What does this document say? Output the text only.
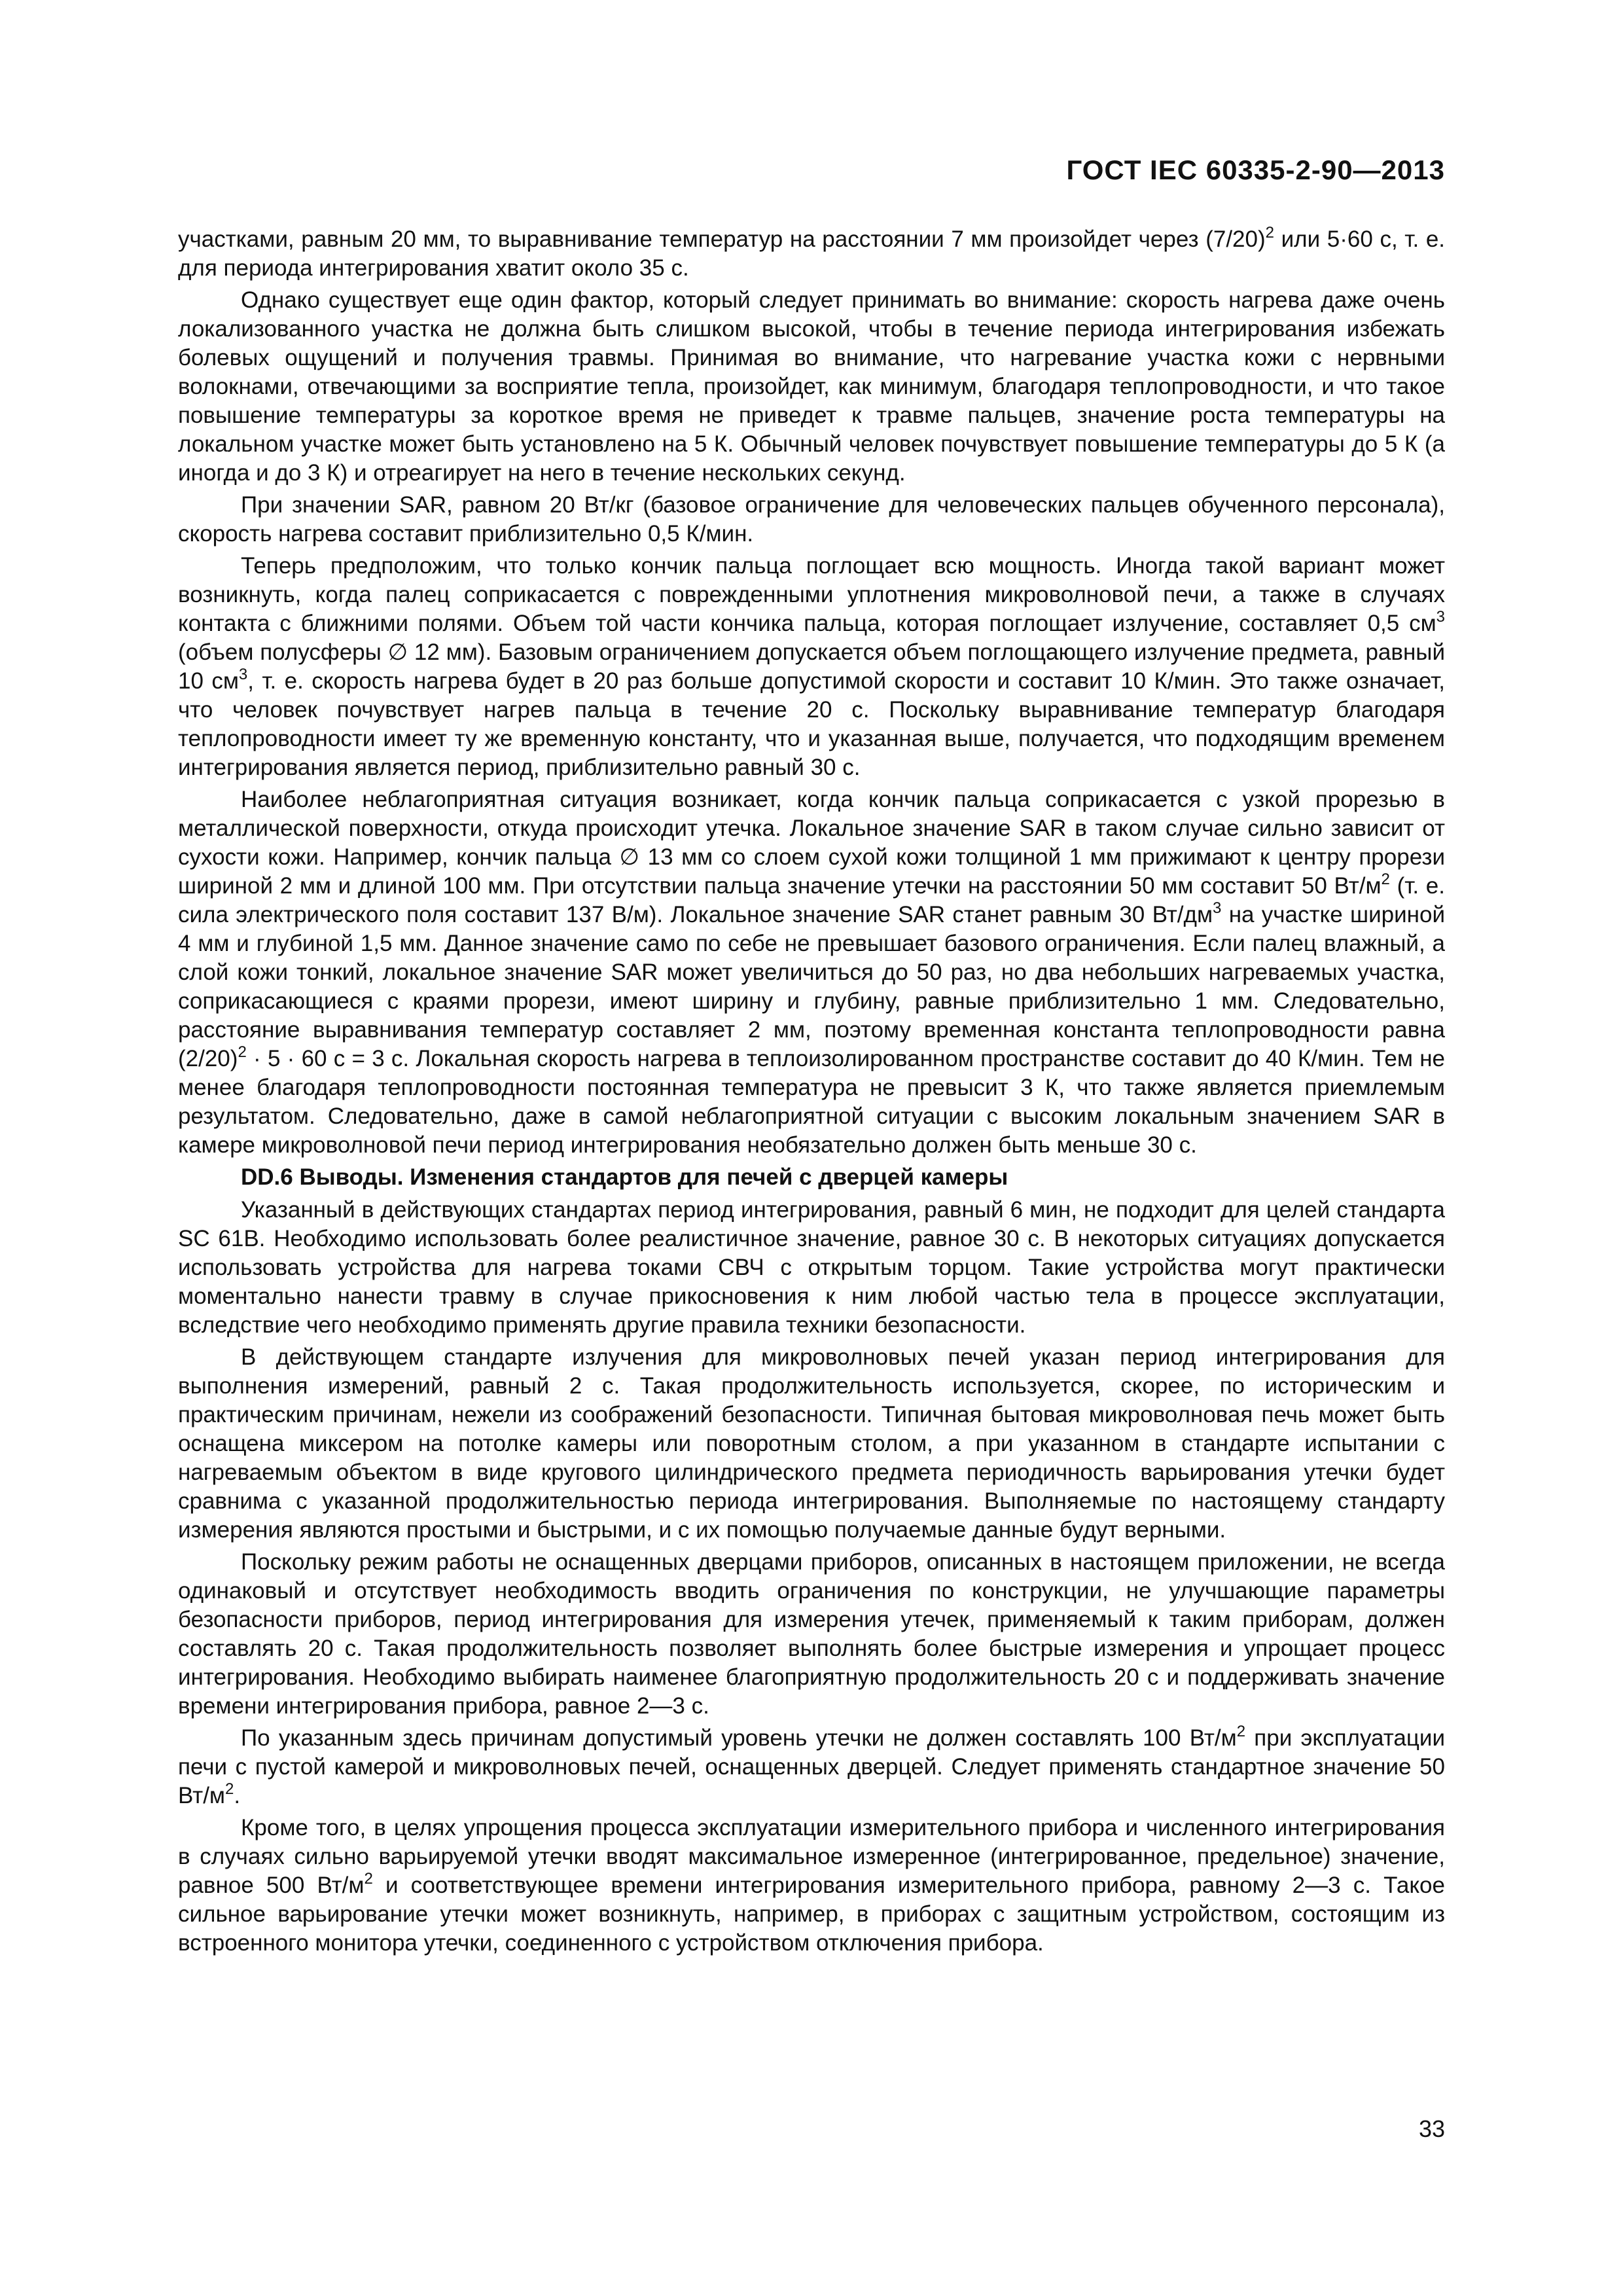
ГОСТ IEC 60335-2-90—2013

участками, равным 20 мм, то выравнивание температур на расстоянии 7 мм произойдет через $(7/20)^2$ или 5·60 с, т. е. для периода интегрирования хватит около 35 с.

Однако существует еще один фактор, который следует принимать во внимание: скорость нагрева даже очень локализованного участка не должна быть слишком высокой, чтобы в течение периода интегрирования избежать болевых ощущений и получения травмы. Принимая во внимание, что нагревание участка кожи с нервными волокнами, отвечающими за восприятие тепла, произойдет, как минимум, благодаря теплопроводности, и что такое повышение температуры за короткое время не приведет к травме пальцев, значение роста температуры на локальном участке может быть установлено на 5 К. Обычный человек почувствует повышение температуры до 5 К (а иногда и до 3 К) и отреагирует на него в течение нескольких секунд.

При значении SAR, равном 20 Вт/кг (базовое ограничение для человеческих пальцев обученного персонала), скорость нагрева составит приблизительно 0,5 К/мин.

Теперь предположим, что только кончик пальца поглощает всю мощность. Иногда такой вариант может возникнуть, когда палец соприкасается с поврежденными уплотнения микроволновой печи, а также в случаях контакта с ближними полями. Объем той части кончика пальца, которая поглощает излучение, составляет 0,5 $см^3$ (объем полусферы ∅ 12 мм). Базовым ограничением допускается объем поглощающего излучение предмета, равный 10 $см^3$, т. е. скорость нагрева будет в 20 раз больше допустимой скорости и составит 10 К/мин. Это также означает, что человек почувствует нагрев пальца в течение 20 с. Поскольку выравнивание температур благодаря теплопроводности имеет ту же временную константу, что и указанная выше, получается, что подходящим временем интегрирования является период, приблизительно равный 30 с.

Наиболее неблагоприятная ситуация возникает, когда кончик пальца соприкасается с узкой прорезью в металлической поверхности, откуда происходит утечка. Локальное значение SAR в таком случае сильно зависит от сухости кожи. Например, кончик пальца ∅ 13 мм со слоем сухой кожи толщиной 1 мм прижимают к центру прорези шириной 2 мм и длиной 100 мм. При отсутствии пальца значение утечки на расстоянии 50 мм составит 50 $Вт/м^2$ (т. е. сила электрического поля составит 137 В/м). Локальное значение SAR станет равным 30 $Вт/дм^3$ на участке шириной 4 мм и глубиной 1,5 мм. Данное значение само по себе не превышает базового ограничения. Если палец влажный, а слой кожи тонкий, локальное значение SAR может увеличиться до 50 раз, но два небольших нагреваемых участка, соприкасающиеся с краями прорези, имеют ширину и глубину, равные приблизительно 1 мм. Следовательно, расстояние выравнивания температур составляет 2 мм, поэтому временная константа теплопроводности равна $(2/20)^2 \cdot 5 \cdot 60$ с = 3 с. Локальная скорость нагрева в теплоизолированном пространстве составит до 40 К/мин. Тем не менее благодаря теплопроводности постоянная температура не превысит 3 К, что также является приемлемым результатом. Следовательно, даже в самой неблагоприятной ситуации с высоким локальным значением SAR в камере микроволновой печи период интегрирования необязательно должен быть меньше 30 с.

DD.6 Выводы. Изменения стандартов для печей с дверцей камеры

Указанный в действующих стандартах период интегрирования, равный 6 мин, не подходит для целей стандарта SC 61B. Необходимо использовать более реалистичное значение, равное 30 с. В некоторых ситуациях допускается использовать устройства для нагрева токами СВЧ с открытым торцом. Такие устройства могут практически моментально нанести травму в случае прикосновения к ним любой частью тела в процессе эксплуатации, вследствие чего необходимо применять другие правила техники безопасности.

В действующем стандарте излучения для микроволновых печей указан период интегрирования для выполнения измерений, равный 2 с. Такая продолжительность используется, скорее, по историческим и практическим причинам, нежели из соображений безопасности. Типичная бытовая микроволновая печь может быть оснащена миксером на потолке камеры или поворотным столом, а при указанном в стандарте испытании с нагреваемым объектом в виде кругового цилиндрического предмета периодичность варьирования утечки будет сравнима с указанной продолжительностью периода интегрирования. Выполняемые по настоящему стандарту измерения являются простыми и быстрыми, и с их помощью получаемые данные будут верными.

Поскольку режим работы не оснащенных дверцами приборов, описанных в настоящем приложении, не всегда одинаковый и отсутствует необходимость вводить ограничения по конструкции, не улучшающие параметры безопасности приборов, период интегрирования для измерения утечек, применяемый к таким приборам, должен составлять 20 с. Такая продолжительность позволяет выполнять более быстрые измерения и упрощает процесс интегрирования. Необходимо выбирать наименее благоприятную продолжительность 20 с и поддерживать значение времени интегрирования прибора, равное 2—3 с.

По указанным здесь причинам допустимый уровень утечки не должен составлять 100 $Вт/м^2$ при эксплуатации печи с пустой камерой и микроволновых печей, оснащенных дверцей. Следует применять стандартное значение 50 $Вт/м^2$.

Кроме того, в целях упрощения процесса эксплуатации измерительного прибора и численного интегрирования в случаях сильно варьируемой утечки вводят максимальное измеренное (интегрированное, предельное) значение, равное 500 $Вт/м^2$ и соответствующее времени интегрирования измерительного прибора, равному 2—3 с. Такое сильное варьирование утечки может возникнуть, например, в приборах с защитным устройством, состоящим из встроенного монитора утечки, соединенного с устройством отключения прибора.

33
